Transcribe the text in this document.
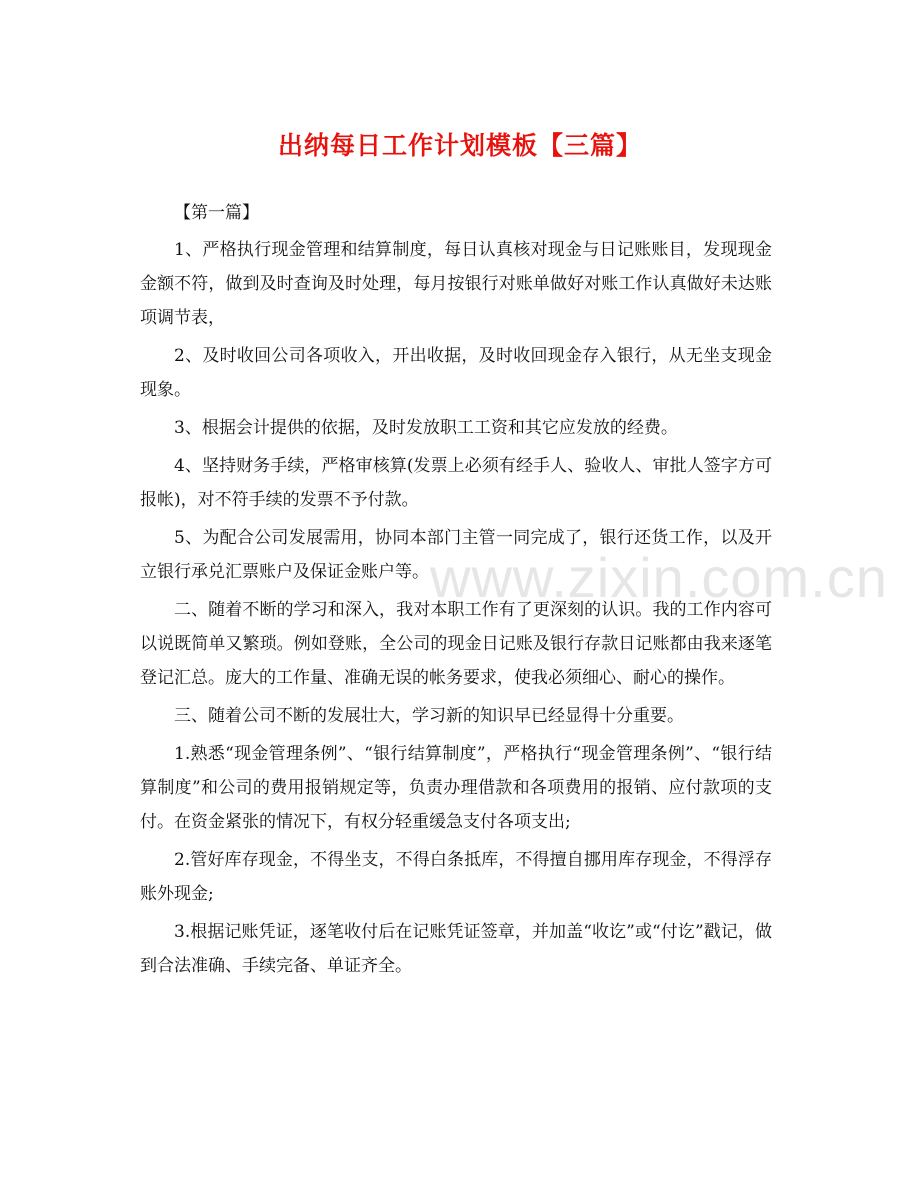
出纳每日工作计划模板【三篇】
www.zixin.com.cn

【第一篇】

1、严格执行现金管理和结算制度，每日认真核对现金与日记账账目，发现现金金额不符，做到及时查询及时处理，每月按银行对账单做好对账工作认真做好未达账项调节表，

2、及时收回公司各项收入，开出收据，及时收回现金存入银行，从无坐支现金现象。

3、根据会计提供的依据，及时发放职工工资和其它应发放的经费。

4、坚持财务手续，严格审核算(发票上必须有经手人、验收人、审批人签字方可报帐)，对不符手续的发票不予付款。

5、为配合公司发展需用，协同本部门主管一同完成了，银行还货工作，以及开立银行承兑汇票账户及保证金账户等。

二、随着不断的学习和深入，我对本职工作有了更深刻的认识。我的工作内容可以说既简单又繁琐。例如登账，全公司的现金日记账及银行存款日记账都由我来逐笔登记汇总。庞大的工作量、准确无误的帐务要求，使我必须细心、耐心的操作。

三、随着公司不断的发展壮大，学习新的知识早已经显得十分重要。

1.熟悉“现金管理条例”、“银行结算制度”，严格执行“现金管理条例”、“银行结算制度”和公司的费用报销规定等，负责办理借款和各项费用的报销、应付款项的支付。在资金紧张的情况下，有权分轻重缓急支付各项支出;

2.管好库存现金，不得坐支，不得白条抵库，不得擅自挪用库存现金，不得浮存账外现金;

3.根据记账凭证，逐笔收付后在记账凭证签章，并加盖“收讫”或“付讫”戳记，做到合法准确、手续完备、单证齐全。
